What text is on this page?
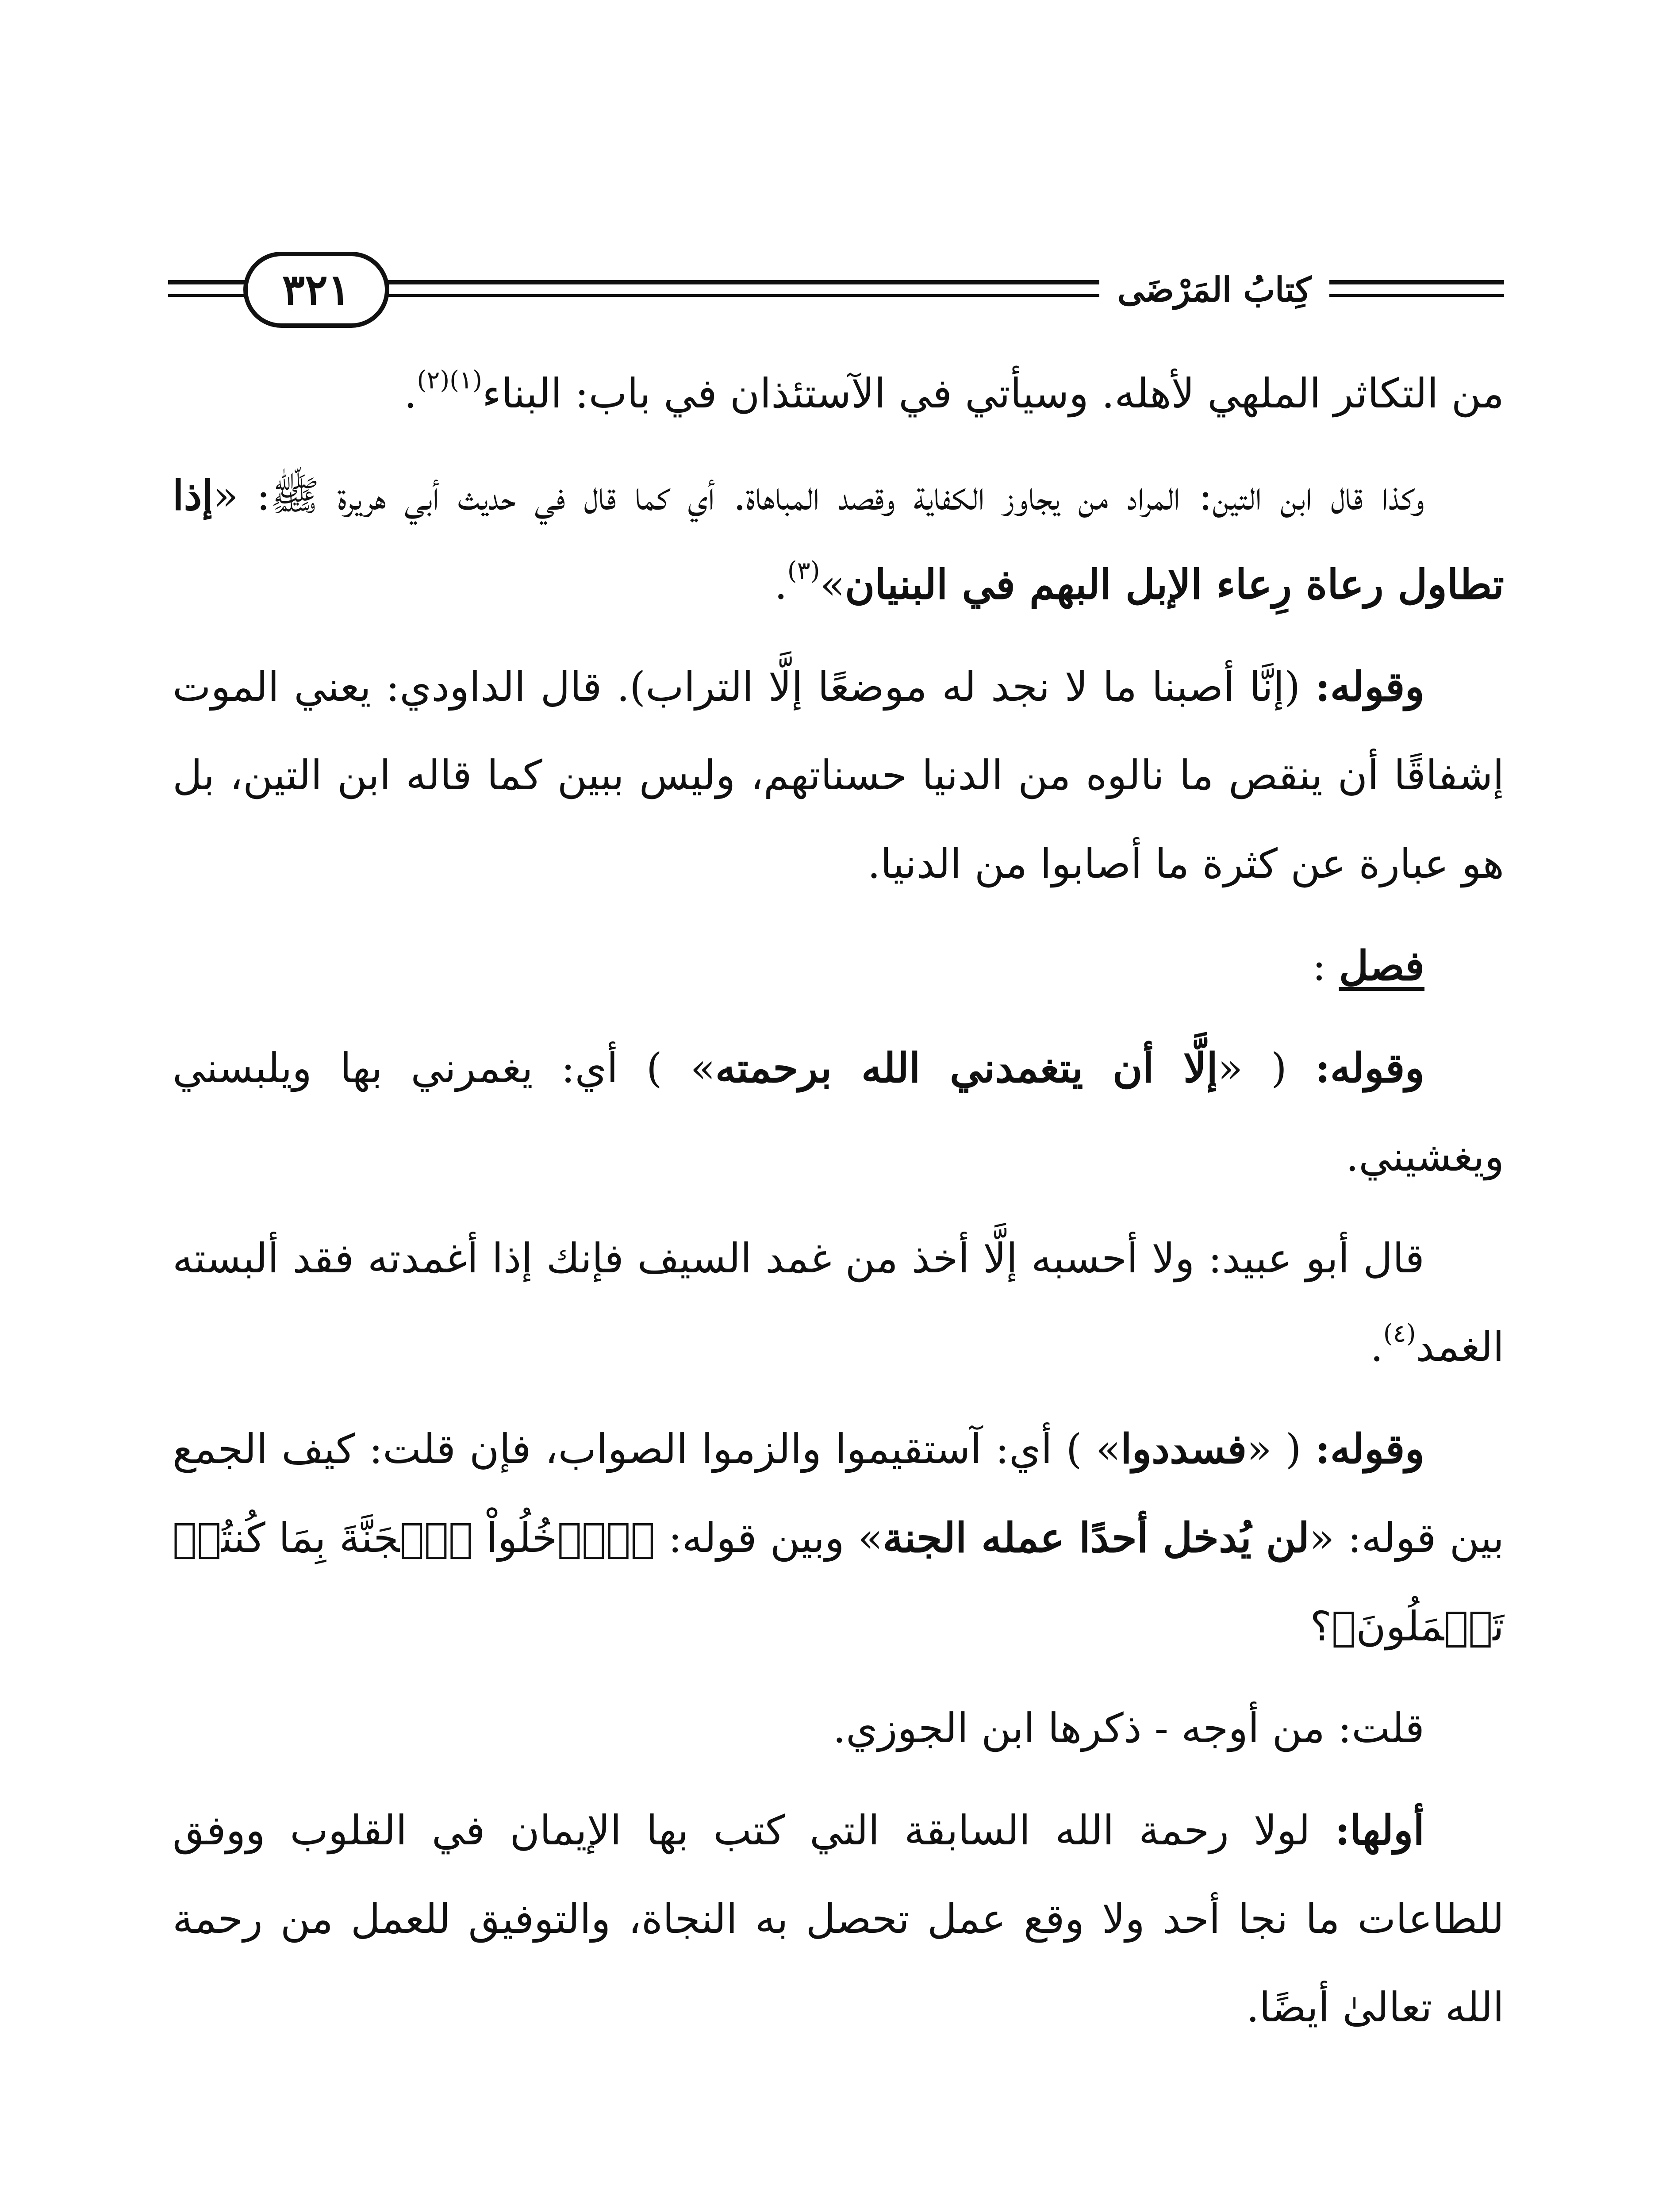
كِتابُ المَرْضَى
٣٢١

من التكاثر الملهي لأهله. وسيأتي في الآستئذان في باب: البناء$^{(١)(٢)}$.

وكذا قال ابن التين: المراد من يجاوز الكفاية وقصد المباهاة. أي كما قال في حديث أبي هريرة ﷺ: «إذا تطاول رعاة رِعاء الإبل البهم في البنيان»$^{(٣)}$.

وقوله: (إنَّا أصبنا ما لا نجد له موضعًا إلَّا التراب). قال الداودي: يعني الموت إشفاقًا أن ينقص ما نالوه من الدنيا حسناتهم، وليس ببين كما قاله ابن التين، بل هو عبارة عن كثرة ما أصابوا من الدنيا.

فصل :

وقوله: ( «إلَّا أن يتغمدني الله برحمته» ) أي: يغمرني بها ويلبسني ويغشيني.

قال أبو عبيد: ولا أحسبه إلَّا أخذ من غمد السيف فإنك إذا أغمدته فقد ألبسته الغمد$^{(٤)}$.

وقوله: ( «فسددوا» ) أي: آستقيموا والزموا الصواب، فإن قلت: كيف الجمع بين قوله: «لن يُدخل أحدًا عمله الجنة» وبين قوله: ﴿ٱدۡخُلُواْ ٱلۡجَنَّةَ بِمَا كُنتُمۡ تَعۡمَلُونَ﴾؟

قلت: من أوجه - ذكرها ابن الجوزي.

أولها: لولا رحمة الله السابقة التي كتب بها الإيمان في القلوب ووفق للطاعات ما نجا أحد ولا وقع عمل تحصل به النجاة، والتوفيق للعمل من رحمة الله تعالىٰ أيضًا.
